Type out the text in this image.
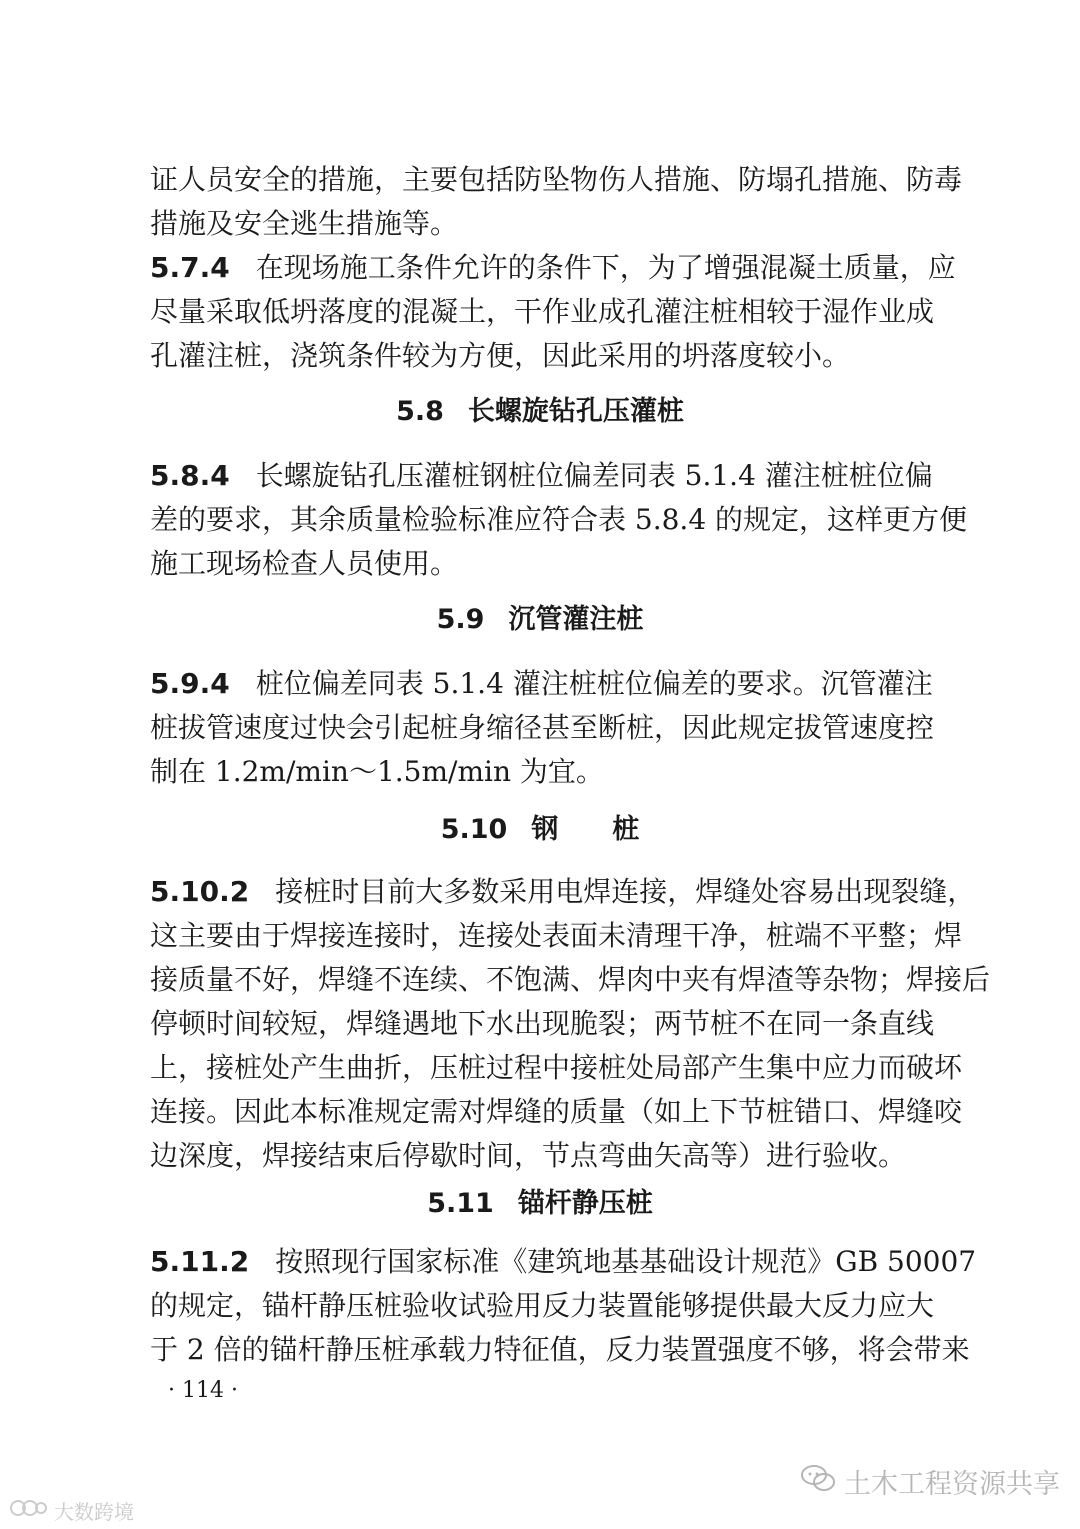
证人员安全的措施，主要包括防坠物伤人措施、防塌孔措施、防毒
措施及安全逃生措施等。
5.7.4 在现场施工条件允许的条件下，为了增强混凝土质量，应
尽量采取低坍落度的混凝土，干作业成孔灌注桩相较于湿作业成
孔灌注桩，浇筑条件较为方便，因此采用的坍落度较小。
5.8 长螺旋钻孔压灌桩
5.8.4 长螺旋钻孔压灌桩钢桩位偏差同表 5.1.4 灌注桩桩位偏
差的要求，其余质量检验标准应符合表 5.8.4 的规定，这样更方便
施工现场检查人员使用。
5.9 沉管灌注桩
5.9.4 桩位偏差同表 5.1.4 灌注桩桩位偏差的要求。沉管灌注
桩拔管速度过快会引起桩身缩径甚至断桩，因此规定拔管速度控
制在 1.2m/min～1.5m/min 为宜。
5.10 钢　　桩
5.10.2 接桩时目前大多数采用电焊连接，焊缝处容易出现裂缝，
这主要由于焊接连接时，连接处表面未清理干净，桩端不平整；焊
接质量不好，焊缝不连续、不饱满、焊肉中夹有焊渣等杂物；焊接后
停顿时间较短，焊缝遇地下水出现脆裂；两节桩不在同一条直线
上，接桩处产生曲折，压桩过程中接桩处局部产生集中应力而破坏
连接。因此本标准规定需对焊缝的质量（如上下节桩错口、焊缝咬
边深度，焊接结束后停歇时间，节点弯曲矢高等）进行验收。
5.11 锚杆静压桩
5.11.2 按照现行国家标准《建筑地基基础设计规范》GB 50007
的规定，锚杆静压桩验收试验用反力装置能够提供最大反力应大
于 2 倍的锚杆静压桩承载力特征值，反力装置强度不够，将会带来
· 114 ·
大数跨境
土木工程资源共享
